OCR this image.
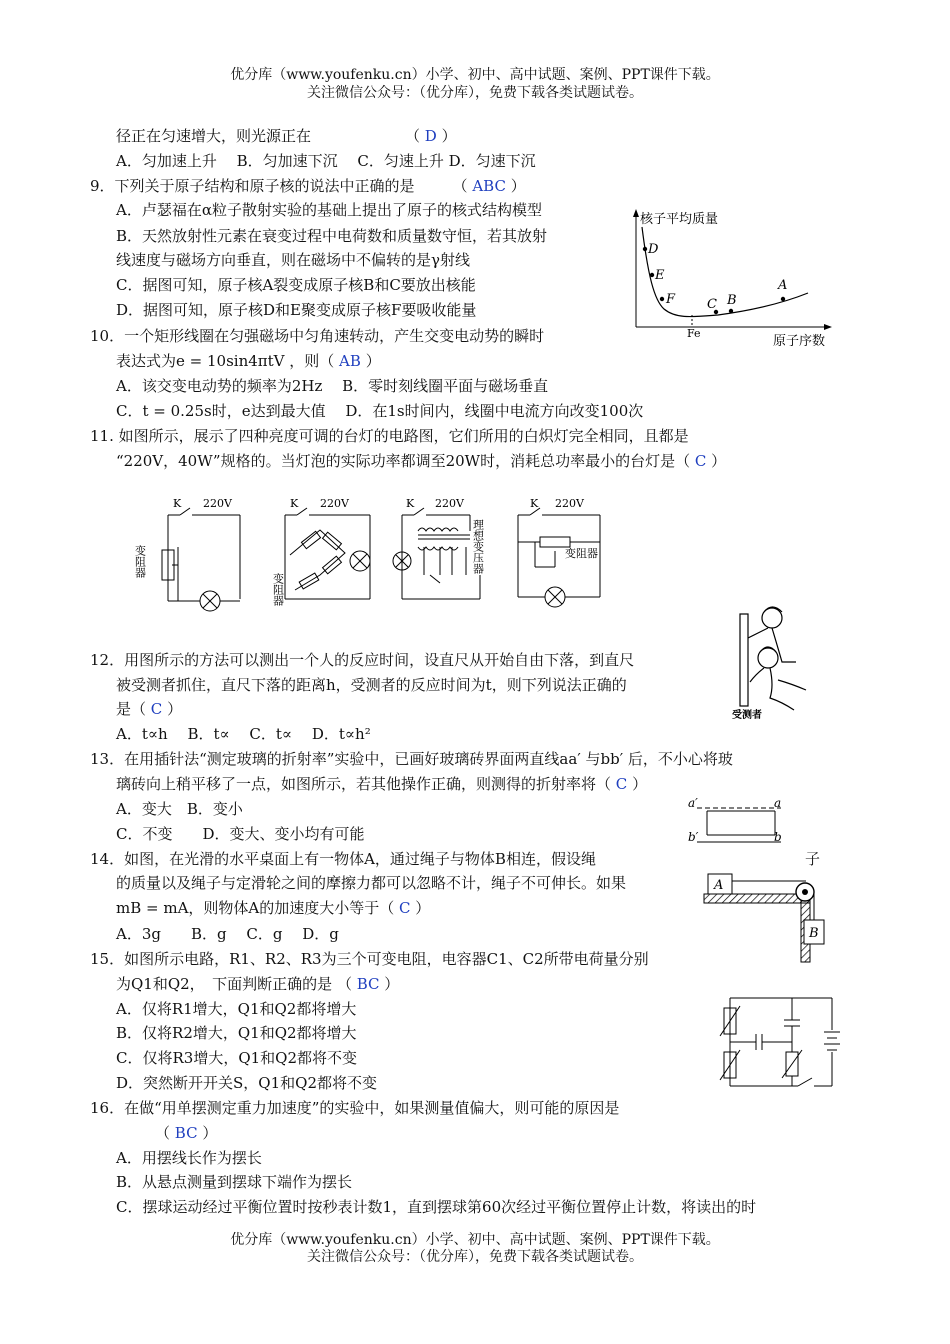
优分库（www.youfenku.cn）小学、初中、高中试题、案例、PPT课件下载。
关注微信公众号：（优分库），免费下载各类试题试卷。
径正在匀速增大，则光源正在	（ D ）
A．匀加速上升　 B．匀加速下沉　 C．匀速上升 D．匀速下沉
9．下列关于原子结构和原子核的说法中正确的是	（ ABC ）
A．卢瑟福在α粒子散射实验的基础上提出了原子的核式结构模型
B．天然放射性元素在衰变过程中电荷数和质量数守恒，若其放射
线速度与磁场方向垂直，则在磁场中不偏转的是γ射线
C．据图可知，原子核A裂变成原子核B和C要放出核能
D．据图可知，原子核D和E聚变成原子核F要吸收能量
核子平均质量
原子序数
Fe
D
E
F C B
A
10．一个矩形线圈在匀强磁场中匀角速转动，产生交变电动势的瞬时
表达式为e = 10sin4πtV ，则（ AB ）
A．该交变电动势的频率为2Hz　 B．零时刻线圈平面与磁场垂直
C．t = 0.25s时，e达到最大值　 D．在1s时间内，线圈中电流方向改变100次
11. 如图所示，展示了四种亮度可调的台灯的电路图，它们所用的白炽灯完全相同，且都是
“220V，40W”规格的。当灯泡的实际功率都调至20W时，消耗总功率最小的台灯是（ C ）
K 220V	K 220V	K 220V	K 220V
变阻器
变阻器
理想变压器	变阻器
12．用图所示的方法可以测出一个人的反应时间，设直尺从开始自由下落，到直尺
被受测者抓住，直尺下落的距离h，受测者的反应时间为t，则下列说法正确的
是（ C ）
A．t∝h　 B．t∝　 C．t∝　 D．t∝h²
受测者
13．在用插针法“测定玻璃的折射率”实验中，已画好玻璃砖界面两直线aa′ 与bb′ 后，不小心将玻
璃砖向上稍平移了一点，如图所示，若其他操作正确，则测得的折射率将（ C ）
A．变大　B．变小
C．不变　　D．变大、变小均有可能
a′	a
b′	b
14．如图，在光滑的水平桌面上有一物体A，通过绳子与物体B相连，假设绳	子
的质量以及绳子与定滑轮之间的摩擦力都可以忽略不计，绳子不可伸长。如果
mB = mA，则物体A的加速度大小等于（ C ）
A．3g　　B．g　 C．g　 D．g
A
B
15．如图所示电路，R1、R2、R3为三个可变电阻，电容器C1、C2所带电荷量分别
为Q1和Q2，　下面判断正确的是 （ BC ）
A．仅将R1增大，Q1和Q2都将增大
B．仅将R2增大，Q1和Q2都将增大
C．仅将R3增大，Q1和Q2都将不变
D．突然断开开关S，Q1和Q2都将不变
16．在做“用单摆测定重力加速度”的实验中，如果测量值偏大，则可能的原因是
（ BC ）
A．用摆线长作为摆长
B．从悬点测量到摆球下端作为摆长
C．摆球运动经过平衡位置时按秒表计数1，直到摆球第60次经过平衡位置停止计数，将读出的时
优分库（www.youfenku.cn）小学、初中、高中试题、案例、PPT课件下载。
关注微信公众号：（优分库），免费下载各类试题试卷。
